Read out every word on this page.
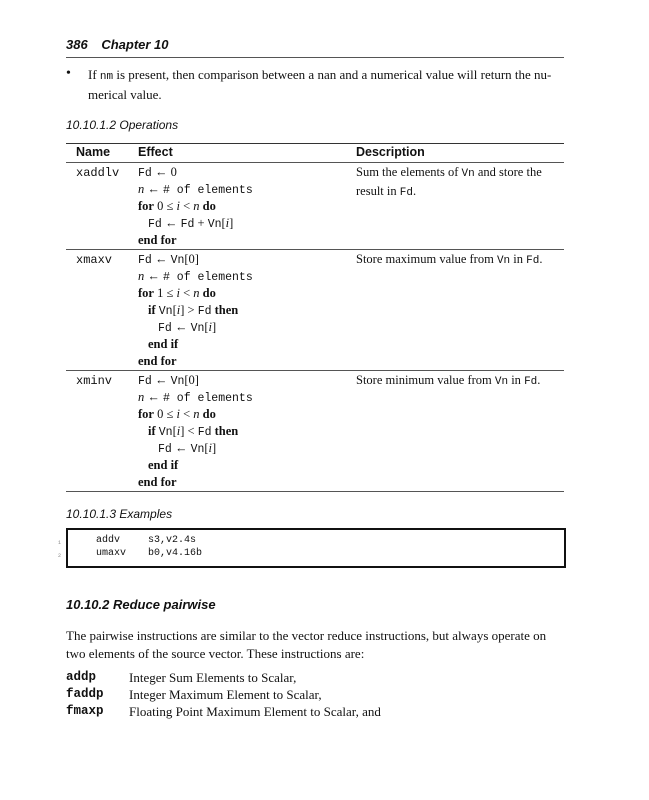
386 Chapter 10
• If nm is present, then comparison between a nan and a numerical value will return the nu-
merical value.
10.10.1.2 Operations
Name Effect	Description
xaddlv Fd ← 0
n ← # of elements
for 0 ≤ i < n do
Fd ← Fd + Vn[i]
end for
Sum the elements of Vn and store the result in Fd.
xmaxv Fd ← Vn[0]
n ← # of elements
for 1 ≤ i < n do
if Vn[i] > Fd then
Fd ← Vn[i]
end if
end for
Store maximum value from Vn in Fd.
xminv Fd ← Vn[0]
n ← # of elements
for 0 ≤ i < n do
if Vn[i] < Fd then
Fd ← Vn[i]
end if
end for
Store minimum value from Vn in Fd.
10.10.1.3 Examples
1	addv	s3,v2.4s
2	umaxv b0,v4.16b
10.10.2 Reduce pairwise
The pairwise instructions are similar to the vector reduce instructions, but always operate on two elements of the source vector. These instructions are:
addp	Integer Sum Elements to Scalar,
faddp Integer Maximum Element to Scalar,
fmaxp Floating Point Maximum Element to Scalar, and
